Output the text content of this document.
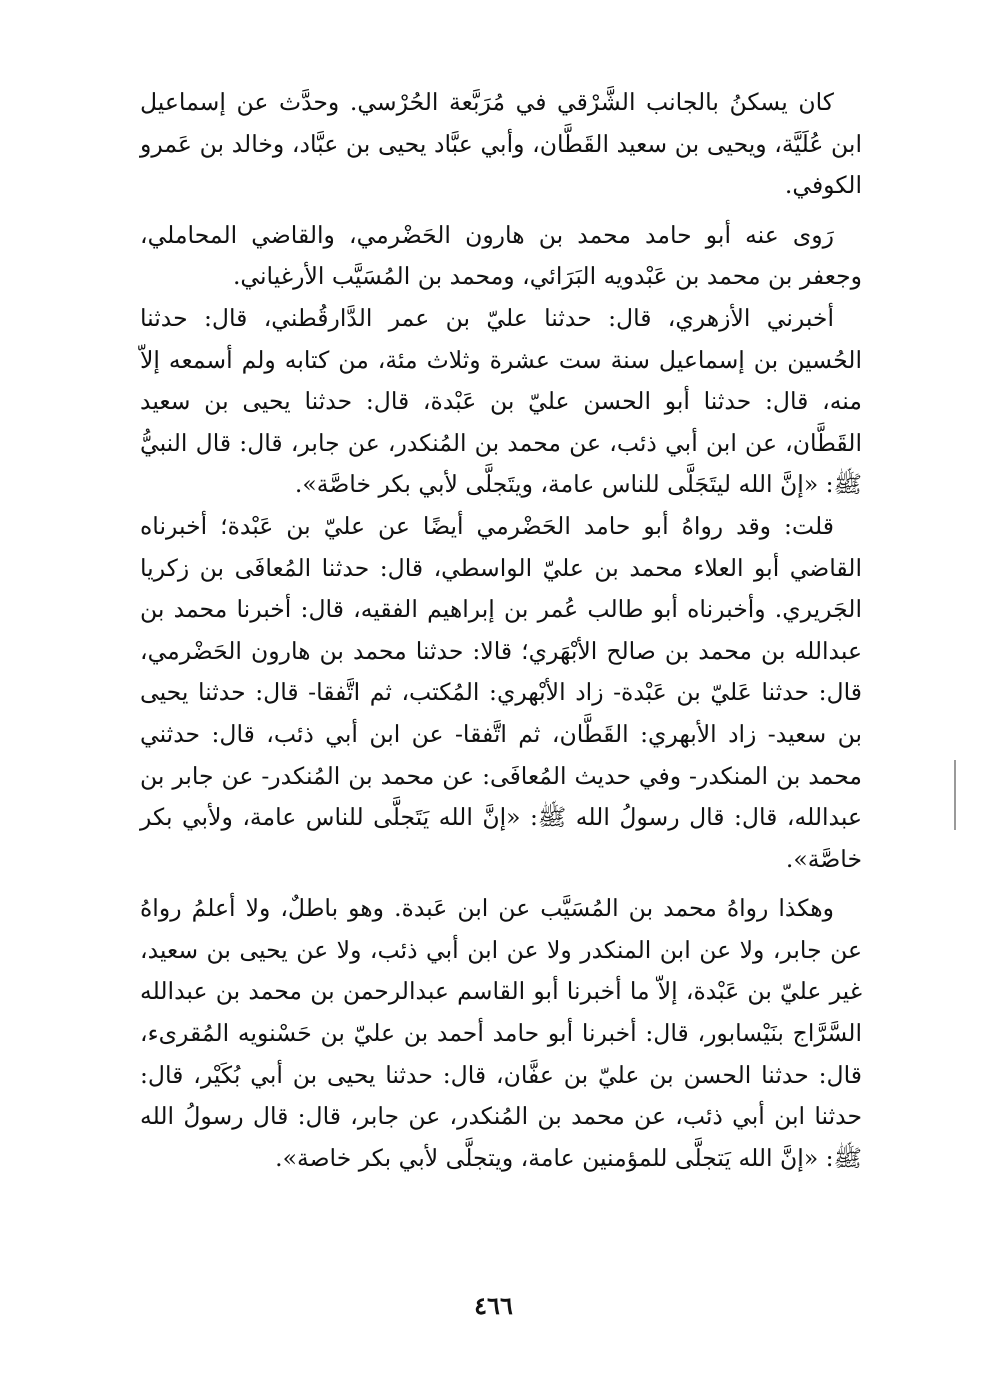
كان يسكنُ بالجانب الشَّرْقي في مُرَبَّعة الحُرْسي. وحدَّث عن إسماعيل ابن عُلَيَّة، ويحيى بن سعيد القَطَّان، وأبي عبَّاد يحيى بن عبَّاد، وخالد بن عَمرو الكوفي.

رَوى عنه أبو حامد محمد بن هارون الحَضْرمي، والقاضي المحاملي، وجعفر بن محمد بن عَبْدويه البَرَائي، ومحمد بن المُسَيَّب الأرغياني.

أخبرني الأزهري، قال: حدثنا عليّ بن عمر الدَّارقُطني، قال: حدثنا الحُسين بن إسماعيل سنة ست عشرة وثلاث مئة، من كتابه ولم أسمعه إلاّ منه، قال: حدثنا أبو الحسن عليّ بن عَبْدة، قال: حدثنا يحيى بن سعيد القَطَّان، عن ابن أبي ذئب، عن محمد بن المُنكدر، عن جابر، قال: قال النبيُّ ﷺ: «إنَّ الله ليتَجَلَّى للناس عامة، ويتَجلَّى لأبي بكر خاصَّة».

قلت: وقد رواهُ أبو حامد الحَضْرمي أيضًا عن عليّ بن عَبْدة؛ أخبرناه القاضي أبو العلاء محمد بن عليّ الواسطي، قال: حدثنا المُعافَى بن زكريا الجَريري. وأخبرناه أبو طالب عُمر بن إبراهيم الفقيه، قال: أخبرنا محمد بن عبدالله بن محمد بن صالح الأبْهَري؛ قالا: حدثنا محمد بن هارون الحَضْرمي، قال: حدثنا عَليّ بن عَبْدة- زاد الأبْهري: المُكتب، ثم اتَّفقا- قال: حدثنا يحيى بن سعيد- زاد الأبهري: القَطَّان، ثم اتَّفقا- عن ابن أبي ذئب، قال: حدثني محمد بن المنكدر- وفي حديث المُعافَى: عن محمد بن المُنكدر- عن جابر بن عبدالله، قال: قال رسولُ الله ﷺ: «إنَّ الله يَتَجلَّى للناس عامة، ولأبي بكر خاصَّة».

وهكذا رواهُ محمد بن المُسَيَّب عن ابن عَبدة. وهو باطلٌ، ولا أعلمُ رواهُ عن جابر، ولا عن ابن المنكدر ولا عن ابن أبي ذئب، ولا عن يحيى بن سعيد، غير عليّ بن عَبْدة، إلاّ ما أخبرنا أبو القاسم عبدالرحمن بن محمد بن عبدالله السَّرَّاج بنَيْسابور، قال: أخبرنا أبو حامد أحمد بن عليّ بن حَسْنويه المُقرىء، قال: حدثنا الحسن بن عليّ بن عفَّان، قال: حدثنا يحيى بن أبي بُكَيْر، قال: حدثنا ابن أبي ذئب، عن محمد بن المُنكدر، عن جابر، قال: قال رسولُ الله ﷺ: «إنَّ الله يَتجلَّى للمؤمنين عامة، ويتجلَّى لأبي بكر خاصة».

٤٦٦
